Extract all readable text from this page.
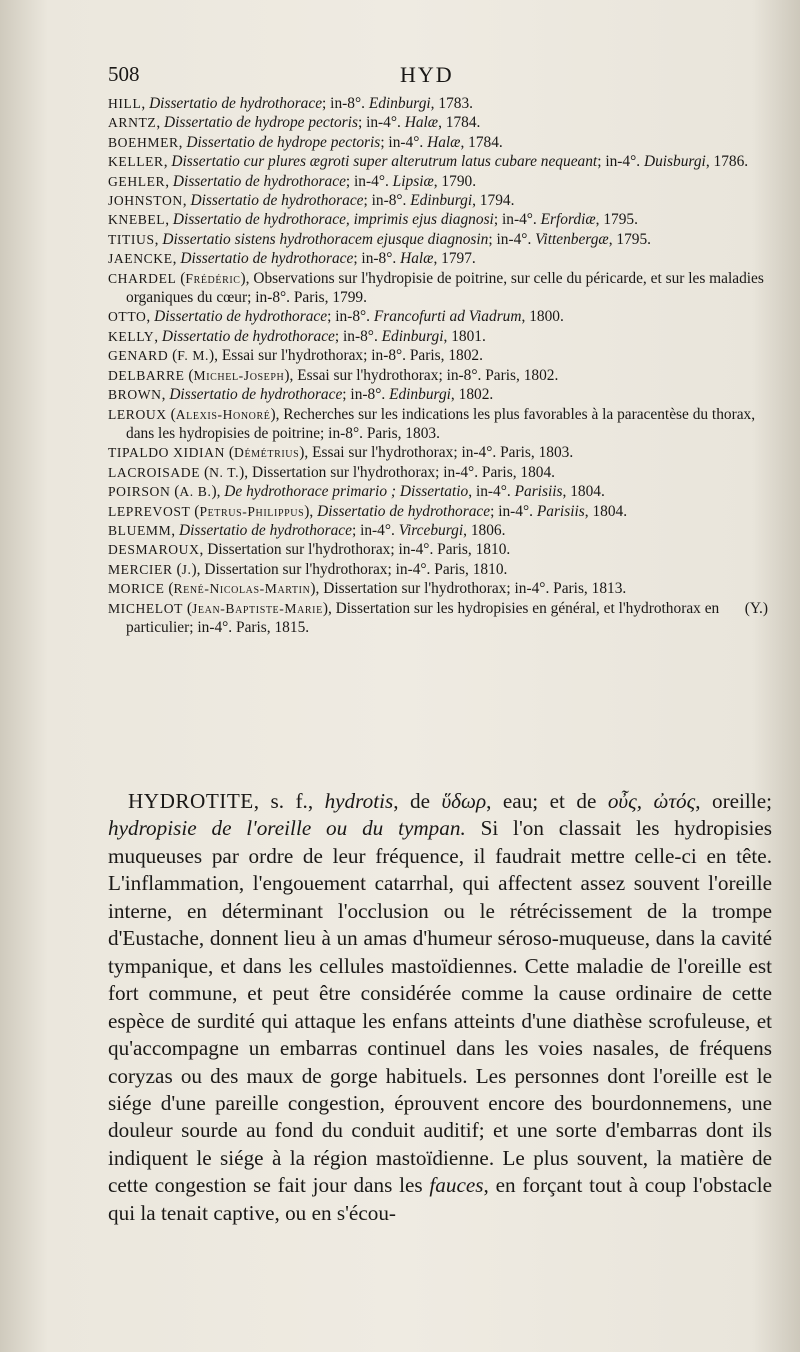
508	HYD

HILL, Dissertatio de hydrothorace; in-8°. Edinburgi, 1783.

ARNTZ, Dissertatio de hydrope pectoris; in-4°. Halæ, 1784.

BOEHMER, Dissertatio de hydrope pectoris; in-4°. Halæ, 1784.

KELLER, Dissertatio cur plures ægroti super alterutrum latus cubare nequeant; in-4°. Duisburgi, 1786.

GEHLER, Dissertatio de hydrothorace; in-4°. Lipsiæ, 1790.

JOHNSTON, Dissertatio de hydrothorace; in-8°. Edinburgi, 1794.

KNEBEL, Dissertatio de hydrothorace, imprimis ejus diagnosi; in-4°. Erfordiæ, 1795.

TITIUS, Dissertatio sistens hydrothoracem ejusque diagnosin; in-4°. Vittenbergæ, 1795.

JAENCKE, Dissertatio de hydrothorace; in-8°. Halæ, 1797.

CHARDEL (Frédéric), Observations sur l'hydropisie de poitrine, sur celle du péricarde, et sur les maladies organiques du cœur; in-8°. Paris, 1799.

OTTO, Dissertatio de hydrothorace; in-8°. Francofurti ad Viadrum, 1800.

KELLY, Dissertatio de hydrothorace; in-8°. Edinburgi, 1801.

GENARD (F. M.), Essai sur l'hydrothorax; in-8°. Paris, 1802.

DELBARRE (Michel-Joseph), Essai sur l'hydrothorax; in-8°. Paris, 1802.

BROWN, Dissertatio de hydrothorace; in-8°. Edinburgi, 1802.

LEROUX (Alexis-Honoré), Recherches sur les indications les plus favorables à la paracentèse du thorax, dans les hydropisies de poitrine; in-8°. Paris, 1803.

TIPALDO XIDIAN (Démétrius), Essai sur l'hydrothorax; in-4°. Paris, 1803.

LACROISADE (N. T.), Dissertation sur l'hydrothorax; in-4°. Paris, 1804.

POIRSON (A. B.), De hydrothorace primario ; Dissertatio, in-4°. Parisiis, 1804.

LEPREVOST (Petrus-Philippus), Dissertatio de hydrothorace; in-4°. Parisiis, 1804.

BLUEMM, Dissertatio de hydrothorace; in-4°. Virceburgi, 1806.

DESMAROUX, Dissertation sur l'hydrothorax; in-4°. Paris, 1810.

MERCIER (J.), Dissertation sur l'hydrothorax; in-4°. Paris, 1810.

MORICE (René-Nicolas-Martin), Dissertation sur l'hydrothorax; in-4°. Paris, 1813.

(Y.)
MICHELOT (Jean-Baptiste-Marie), Dissertation sur les hydropisies en général, et l'hydrothorax en particulier; in-4°. Paris, 1815.

HYDROTITE, s. f., hydrotis, de ὕδωρ, eau; et de οὖς, ὠτός, oreille; hydropisie de l'oreille ou du tympan. Si l'on classait les hydropisies muqueuses par ordre de leur fréquence, il faudrait mettre celle-ci en tête. L'inflammation, l'engouement catarrhal, qui affectent assez souvent l'oreille interne, en déterminant l'occlusion ou le rétrécissement de la trompe d'Eustache, donnent lieu à un amas d'humeur séroso-muqueuse, dans la cavité tympanique, et dans les cellules mastoïdiennes. Cette maladie de l'oreille est fort commune, et peut être considérée comme la cause ordinaire de cette espèce de surdité qui attaque les enfans atteints d'une diathèse scrofuleuse, et qu'accompagne un embarras continuel dans les voies nasales, de fréquens coryzas ou des maux de gorge habituels. Les personnes dont l'oreille est le siége d'une pareille congestion, éprouvent encore des bourdonnemens, une douleur sourde au fond du conduit auditif; et une sorte d'embarras dont ils indiquent le siége à la région mastoïdienne. Le plus souvent, la matière de cette congestion se fait jour dans les fauces, en forçant tout à coup l'obstacle qui la tenait captive, ou en s'écou-
